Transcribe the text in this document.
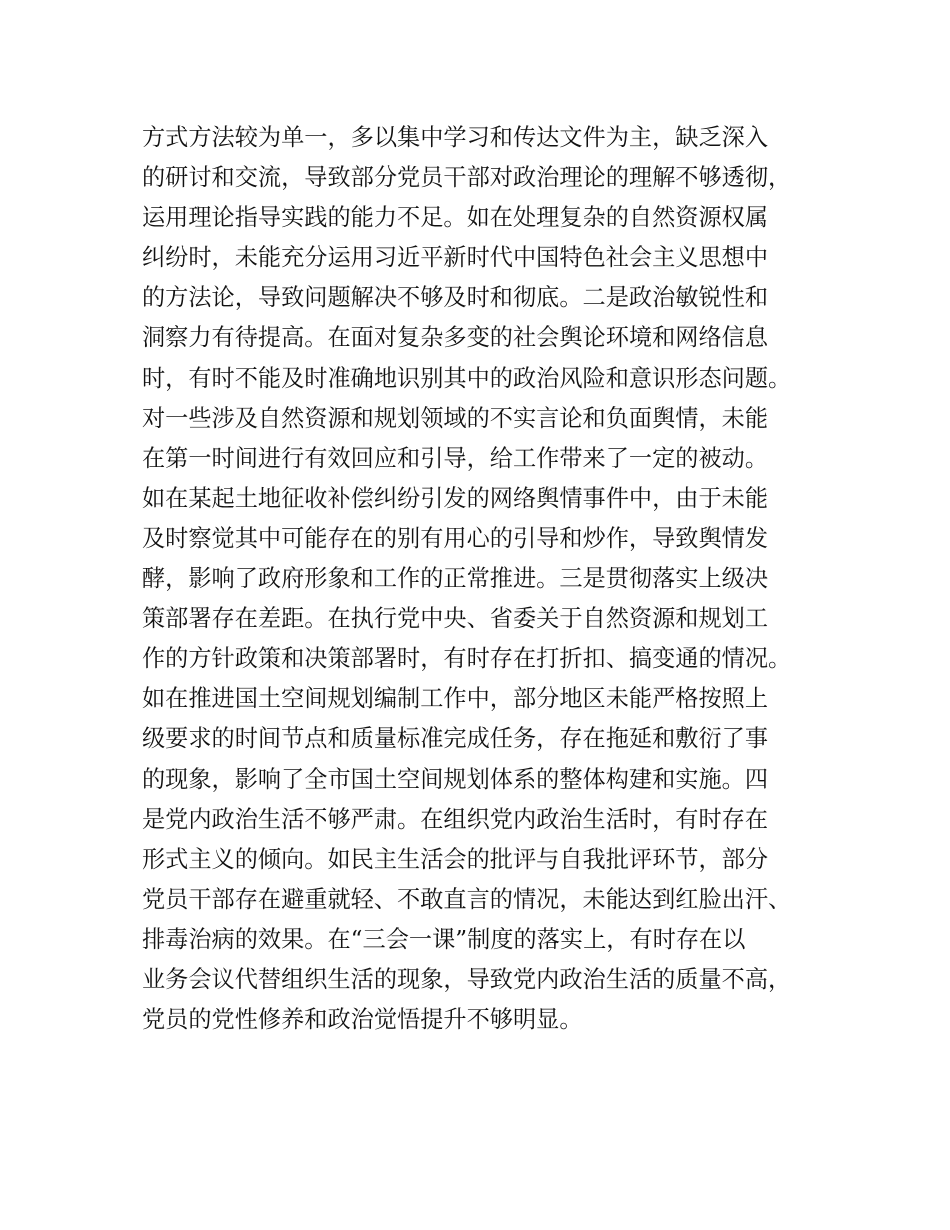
方式方法较为单一，多以集中学习和传达文件为主，缺乏深入
的研讨和交流，导致部分党员干部对政治理论的理解不够透彻，
运用理论指导实践的能力不足。如在处理复杂的自然资源权属
纠纷时，未能充分运用习近平新时代中国特色社会主义思想中
的方法论，导致问题解决不够及时和彻底。二是政治敏锐性和
洞察力有待提高。在面对复杂多变的社会舆论环境和网络信息
时，有时不能及时准确地识别其中的政治风险和意识形态问题。
对一些涉及自然资源和规划领域的不实言论和负面舆情，未能
在第一时间进行有效回应和引导，给工作带来了一定的被动。
如在某起土地征收补偿纠纷引发的网络舆情事件中，由于未能
及时察觉其中可能存在的别有用心的引导和炒作，导致舆情发
酵，影响了政府形象和工作的正常推进。三是贯彻落实上级决
策部署存在差距。在执行党中央、省委关于自然资源和规划工
作的方针政策和决策部署时，有时存在打折扣、搞变通的情况。
如在推进国土空间规划编制工作中，部分地区未能严格按照上
级要求的时间节点和质量标准完成任务，存在拖延和敷衍了事
的现象，影响了全市国土空间规划体系的整体构建和实施。四
是党内政治生活不够严肃。在组织党内政治生活时，有时存在
形式主义的倾向。如民主生活会的批评与自我批评环节，部分
党员干部存在避重就轻、不敢直言的情况，未能达到红脸出汗、
排毒治病的效果。在“三会一课”制度的落实上，有时存在以
业务会议代替组织生活的现象，导致党内政治生活的质量不高，
党员的党性修养和政治觉悟提升不够明显。
